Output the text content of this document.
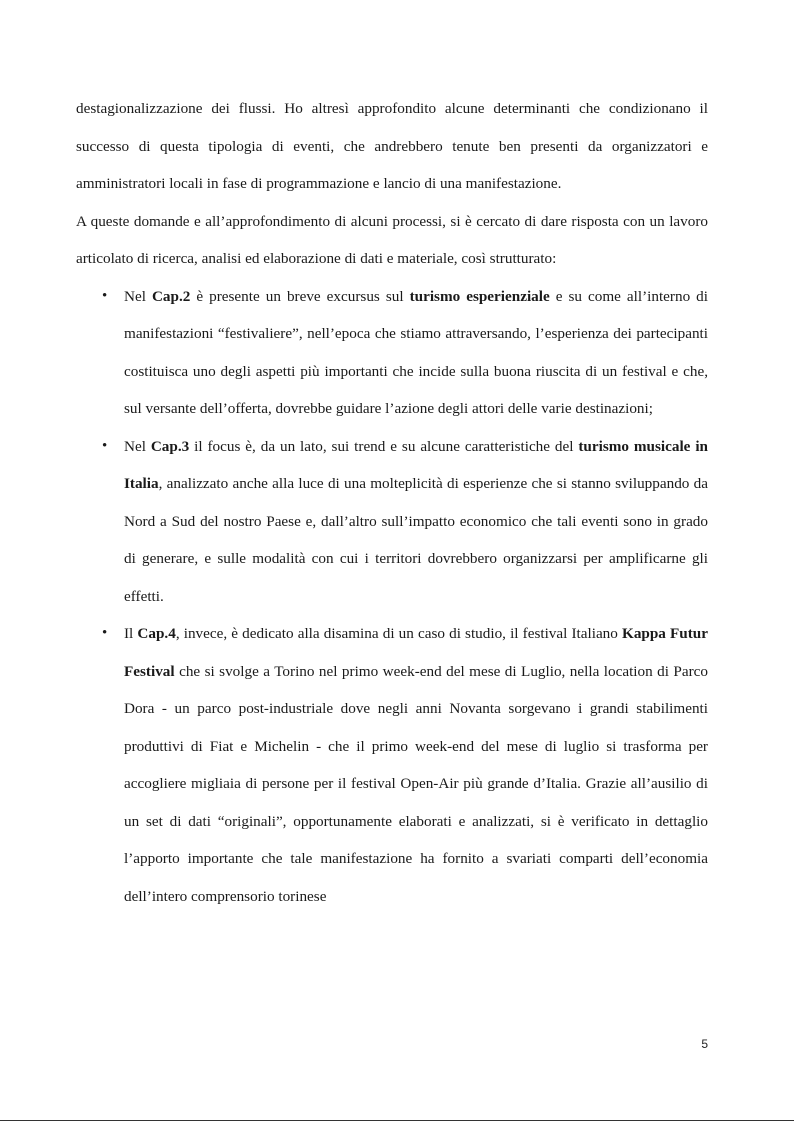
destagionalizzazione dei flussi. Ho altresì approfondito alcune determinanti che condizionano il successo di questa tipologia di eventi, che andrebbero tenute ben presenti da organizzatori e amministratori locali in fase di programmazione e lancio di una manifestazione.

A queste domande e all’approfondimento di alcuni processi, si è cercato di dare risposta con un lavoro articolato di ricerca, analisi ed elaborazione di dati e materiale, così strutturato:

• Nel Cap.2 è presente un breve excursus sul turismo esperienziale e su come all’interno di manifestazioni “festivaliere”, nell’epoca che stiamo attraversando, l’esperienza dei partecipanti costituisca uno degli aspetti più importanti che incide sulla buona riuscita di un festival e che, sul versante dell’offerta, dovrebbe guidare l’azione degli attori delle varie destinazioni;
• Nel Cap.3 il focus è, da un lato, sui trend e su alcune caratteristiche del turismo musicale in Italia, analizzato anche alla luce di una molteplicità di esperienze che si stanno sviluppando da Nord a Sud del nostro Paese e, dall’altro sull’impatto economico che tali eventi sono in grado di generare, e sulle modalità con cui i territori dovrebbero organizzarsi per amplificarne gli effetti.
• Il Cap.4, invece, è dedicato alla disamina di un caso di studio, il festival Italiano Kappa Futur Festival che si svolge a Torino nel primo week-end del mese di Luglio, nella location di Parco Dora - un parco post-industriale dove negli anni Novanta sorgevano i grandi stabilimenti produttivi di Fiat e Michelin - che il primo week-end del mese di luglio si trasforma per accogliere migliaia di persone per il festival Open-Air più grande d’Italia. Grazie all’ausilio di un set di dati “originali”, opportunamente elaborati e analizzati, si è verificato in dettaglio l’apporto importante che tale manifestazione ha fornito a svariati comparti dell’economia dell’intero comprensorio torinese
5
